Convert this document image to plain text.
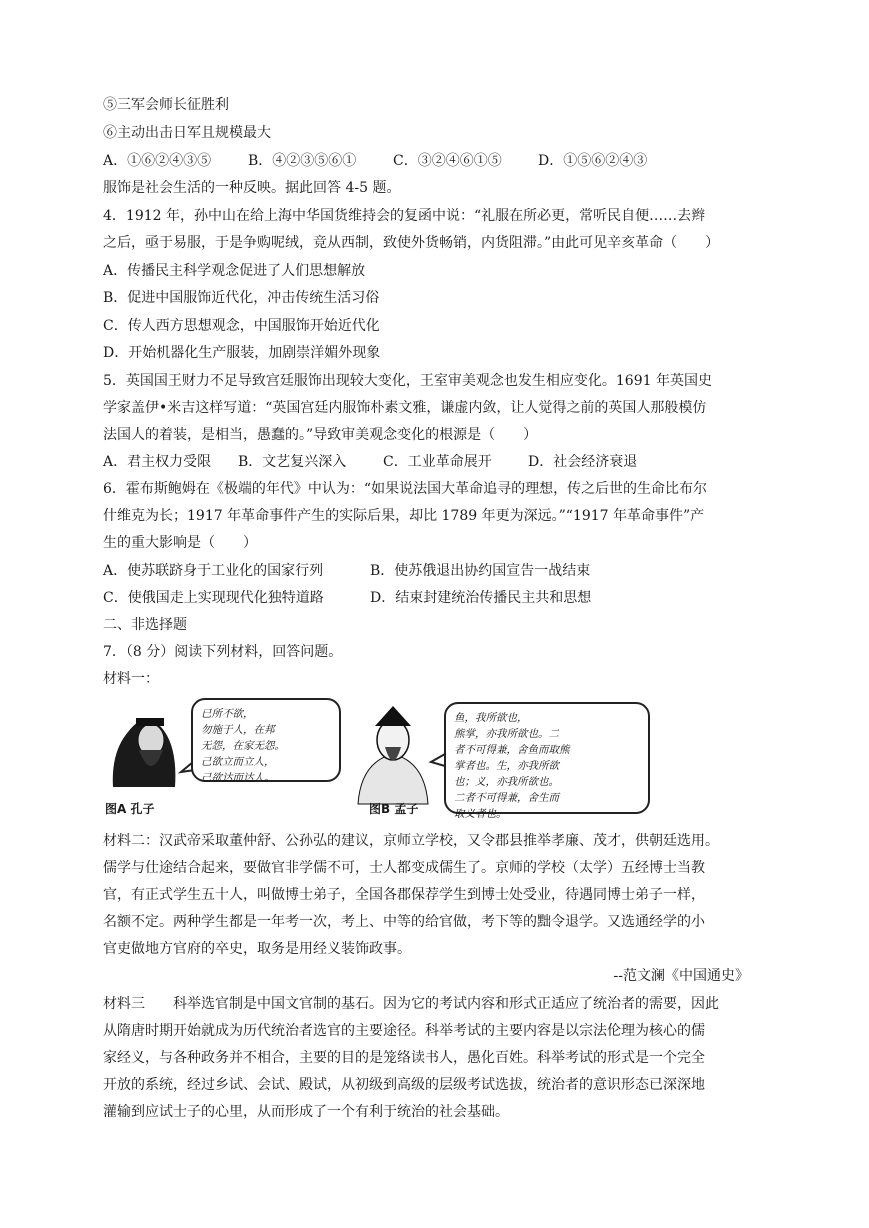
⑤三军会师长征胜利
⑥主动出击日军且规模最大
A．①⑥②④③⑤	B．④②③⑤⑥①	C．③②④⑥①⑤	D．①⑤⑥②④③
服饰是社会生活的一种反映。据此回答 4-5 题。
4．1912 年，孙中山在给上海中华国货维持会的复函中说：“礼服在所必更，常听民自便……去辫
之后，亟于易服，于是争购呢绒，竞从西制，致使外货畅销，内货阻滞。”由此可见辛亥革命（　　）
A．传播民主科学观念促进了人们思想解放
B．促进中国服饰近代化，冲击传统生活习俗
C．传人西方思想观念，中国服饰开始近代化
D．开始机器化生产服装，加剧崇洋媚外现象
5．英国国王财力不足导致宫廷服饰出现较大变化，王室审美观念也发生相应变化。1691 年英国史
学家盖伊•米吉这样写道：“英国宫廷内服饰朴素文雅，谦虚内敛，让人觉得之前的英国人那般模仿
法国人的着装，是相当，愚蠢的。”导致审美观念变化的根源是（　　）
A．君主权力受限 B．文艺复兴深入	C．工业革命展开	D．社会经济衰退
6．霍布斯鲍姆在《极端的年代》中认为：“如果说法国大革命追寻的理想，传之后世的生命比布尔
什维克为长；1917 年革命事件产生的实际后果，却比 1789 年更为深远。”“1917 年革命事件”产
生的重大影响是（　　）
A．使苏联跻身于工业化的国家行列	B．使苏俄退出协约国宣告一战结束
C．使俄国走上实现现代化独特道路	D．结束封建统治传播民主共和思想
二、非选择题
7．（8 分）阅读下列材料，回答问题。
材料一：
已所不欲，
勿施于人，在邦
无怨，在家无怨。
己欲立而立人，
己欲达而达人。
鱼，我所欲也，
熊掌，亦我所欲也。二
者不可得兼，舍鱼而取熊
掌者也。生，亦我所欲
也；义，亦我所欲也。
二者不可得兼，舍生而
取义者也。
图A 孔子	图B 孟子
材料二：汉武帝采取董仲舒、公孙弘的建议，京师立学校，又令郡县推举孝廉、茂才，供朝廷选用。
儒学与仕途结合起来，要做官非学儒不可，士人都变成儒生了。京师的学校（太学）五经博士当教
官，有正式学生五十人，叫做博士弟子，全国各郡保荐学生到博士处受业，待遇同博士弟子一样，
名额不定。两种学生都是一年考一次，考上、中等的给官做，考下等的黜令退学。又选通经学的小
官吏做地方官府的卒史，取务是用经义装饰政事。
--范文澜《中国通史》
材料三　　科举选官制是中国文官制的基石。因为它的考试内容和形式正适应了统治者的需要，因此
从隋唐时期开始就成为历代统治者选官的主要途径。科举考试的主要内容是以宗法伦理为核心的儒
家经义，与各种政务并不相合，主要的目的是笼络读书人，愚化百姓。科举考试的形式是一个完全
开放的系统，经过乡试、会试、殿试，从初级到高级的层级考试选拔，统治者的意识形态已深深地
灌输到应试士子的心里，从而形成了一个有利于统治的社会基础。
